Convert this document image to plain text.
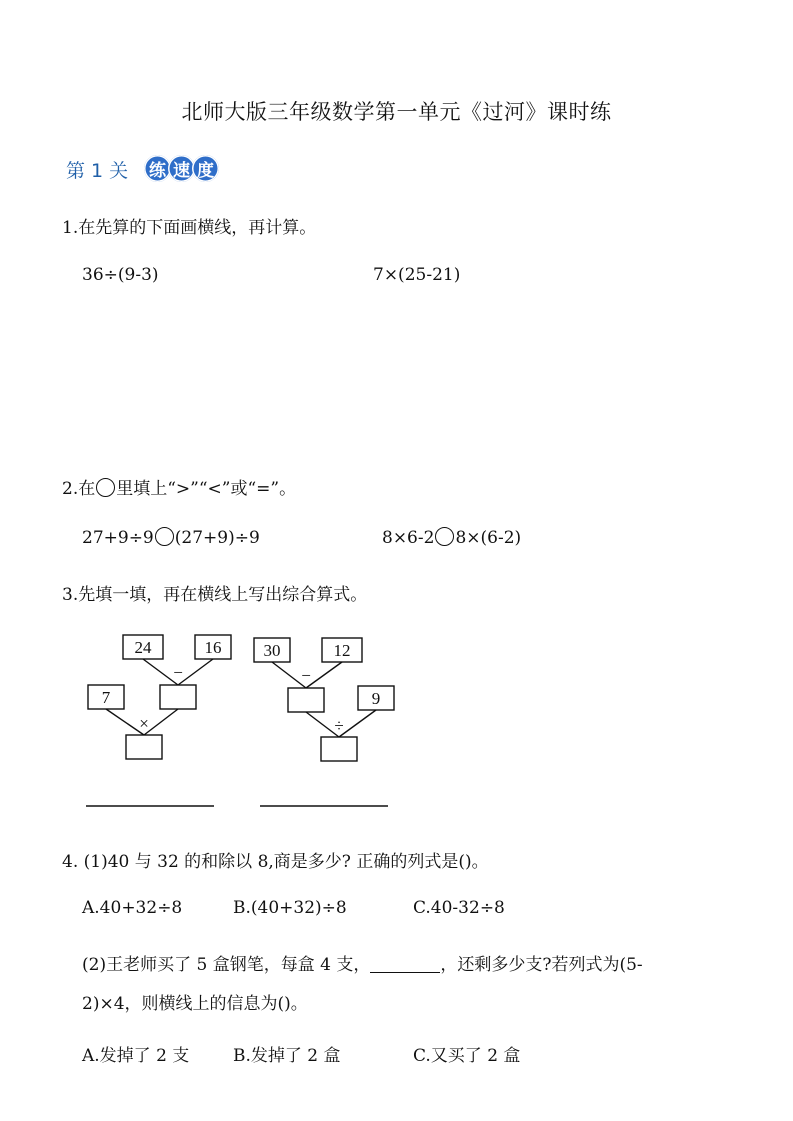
北师大版三年级数学第一单元《过河》课时练
第 1 关 练 速 度
1.在先算的下面画横线，再计算。
36÷(9-3)	7×(25-21)
2.在 里填上“>”“<”或“=”。
27+9÷9 (27+9)÷9	8×6-2 8×(6-2)
3.先填一填，再在横线上写出综合算式。
24	16
−
7
×
30	12
−
9
÷
4. (1)40 与 32 的和除以 8,商是多少? 正确的列式是()。
A.40+32÷8	B.(40+32)÷8	C.40-32÷8
(2)王老师买了 5 盒钢笔，每盒 4 支，	，还剩多少支?若列式为(5-
2)×4，则横线上的信息为()。
A.发掉了 2 支	B.发掉了 2 盒	C.又买了 2 盒
